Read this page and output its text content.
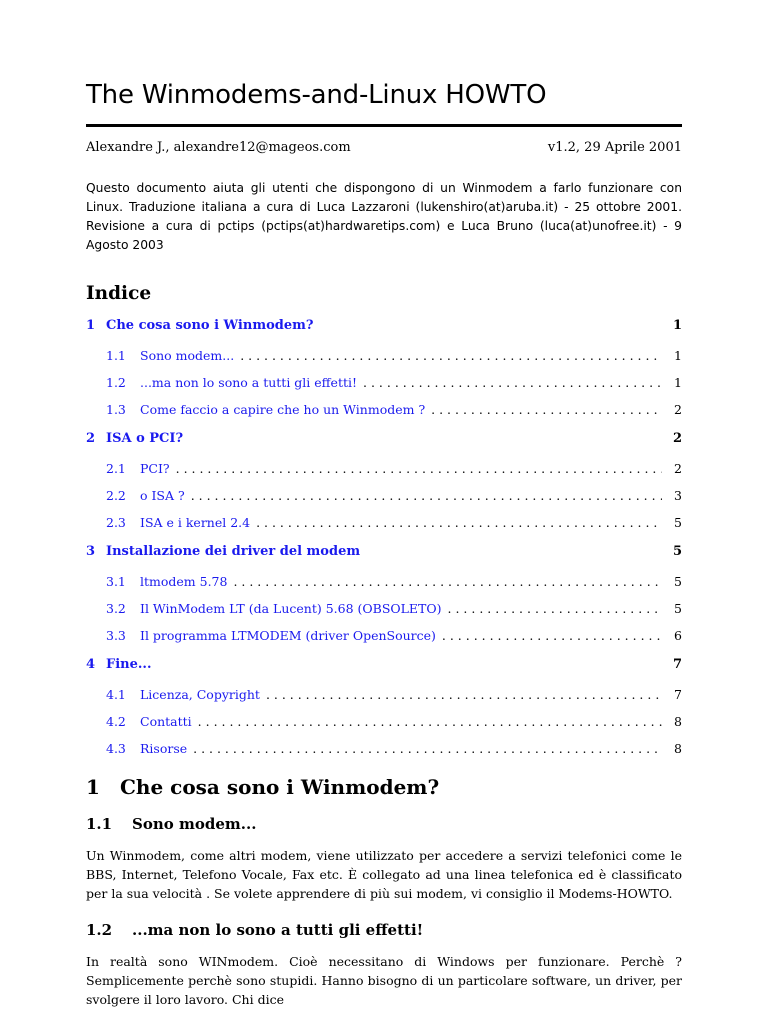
The Winmodems-and-Linux HOWTO
Alexandre J., alexandre12@mageos.com	v1.2, 29 Aprile 2001

Questo documento aiuta gli utenti che dispongono di un Winmodem a farlo funzionare con Linux. Traduzione italiana a cura di Luca Lazzaroni (lukenshiro(at)aruba.it) - 25 ottobre 2001. Revisione a cura di pctips (pctips(at)hardwaretips.com) e Luca Bruno (luca(at)unofree.it) - 9 Agosto 2003

Indice
1 Che cosa sono i Winmodem?	1
1.1	Sono modem... . . .	1
1.2	...ma non lo sono a tutti gli effetti! . . .	1
1.3	Come faccio a capire che ho un Winmodem ? . . .	2
2 ISA o PCI?	2
2.1	PCI? . . .	2
2.2	o ISA ? . . .	3
2.3	ISA e i kernel 2.4 . . .	5
3 Installazione dei driver del modem	5
3.1	ltmodem 5.78 . . .	5
3.2	Il WinModem LT (da Lucent) 5.68 (OBSOLETO) . . .	5
3.3	Il programma LTMODEM (driver OpenSource) . . .	6
4 Fine...	7
4.1	Licenza, Copyright . . .	7
4.2	Contatti . . .	8
4.3	Risorse . . .	8
1 Che cosa sono i Winmodem?
1.1 Sono modem...

Un Winmodem, come altri modem, viene utilizzato per accedere a servizi telefonici come le BBS, Internet, Telefono Vocale, Fax etc. È collegato ad una linea telefonica ed è classificato per la sua velocità . Se volete apprendere di più sui modem, vi consiglio il Modems-HOWTO.

1.2 ...ma non lo sono a tutti gli effetti!

In realtà sono WINmodem. Cioè necessitano di Windows per funzionare. Perchè ? Semplicemente perchè sono stupidi. Hanno bisogno di un particolare software, un driver, per svolgere il loro lavoro. Chi dice
